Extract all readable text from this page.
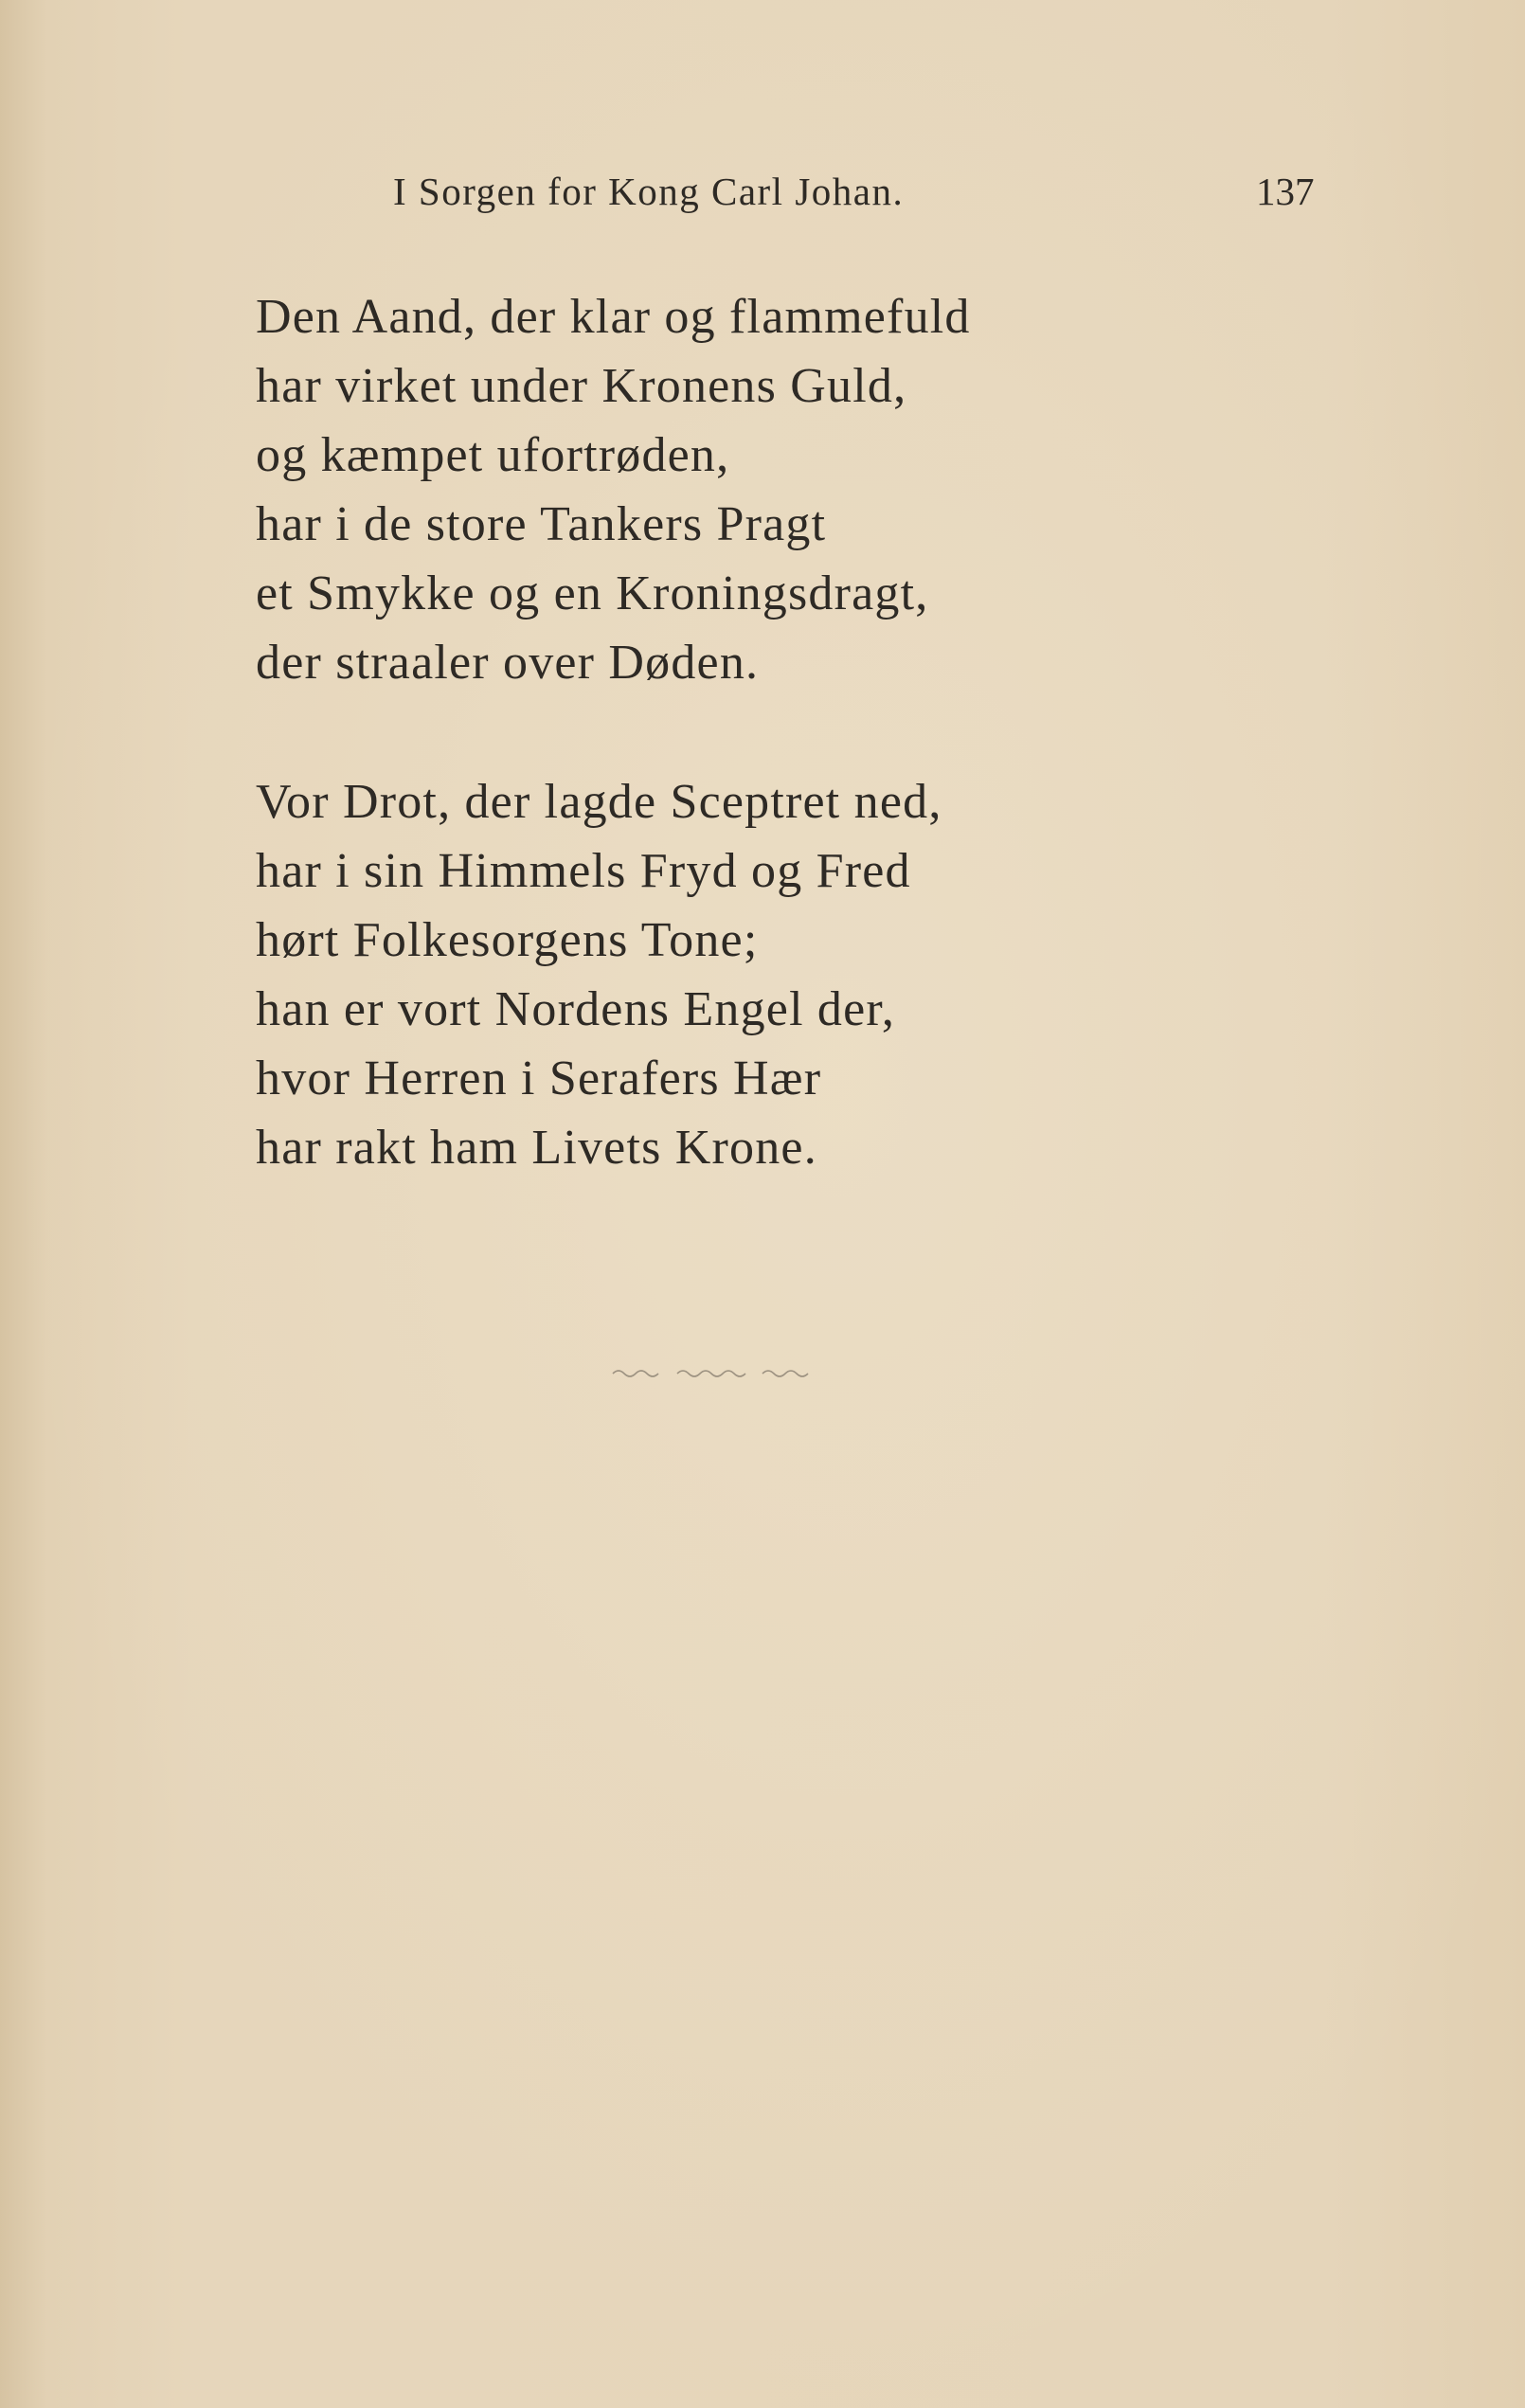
I Sorgen for Kong Carl Johan.	137
Den Aand, der klar og flammefuld
har virket under Kronens Guld,
og kæmpet ufortrøden,
har i de store Tankers Pragt
et Smykke og en Kroningsdragt,
der straaler over Døden.
Vor Drot, der lagde Sceptret ned,
har i sin Himmels Fryd og Fred
hørt Folkesorgens Tone;
han er vort Nordens Engel der,
hvor Herren i Serafers Hær
har rakt ham Livets Krone.
